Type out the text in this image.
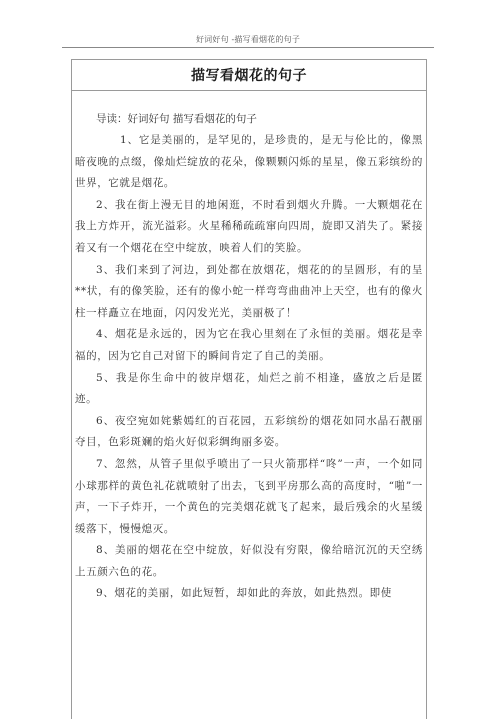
好词好句 -描写看烟花的句子
描写看烟花的句子

导读：好词好句 描写看烟花的句子

1、它是美丽的，是罕见的，是珍贵的，是无与伦比的，像黑暗夜晚的点缀，像灿烂绽放的花朵，像颗颗闪烁的星星，像五彩缤纷的世界，它就是烟花。

2、我在街上漫无目的地闲逛，不时看到烟火升腾。一大颗烟花在我上方炸开，流光溢彩。火星稀稀疏疏窜向四周，旋即又消失了。紧接着又有一个烟花在空中绽放，映着人们的笑脸。

3、我们来到了河边，到处都在放烟花，烟花的的呈圆形，有的呈**状，有的像笑脸，还有的像小蛇一样弯弯曲曲冲上天空，也有的像火柱一样矗立在地面，闪闪发光光，美丽极了！

4、烟花是永远的，因为它在我心里刻在了永恒的美丽。烟花是幸福的，因为它自己对留下的瞬间肯定了自己的美丽。

5、我是你生命中的彼岸烟花，灿烂之前不相逢，盛放之后是匿迹。

6、夜空宛如姹紫嫣红的百花园，五彩缤纷的烟花如同水晶石靓丽夺目，色彩斑斓的焰火好似彩绸绚丽多姿。

7、忽然，从管子里似乎喷出了一只火箭那样“咚”一声，一个如同小球那样的黄色礼花就喷射了出去，飞到平房那么高的高度时，“啪”一声，一下子炸开，一个黄色的完美烟花就飞了起来，最后残余的火星缓缓落下，慢慢熄灭。

8、美丽的烟花在空中绽放，好似没有穷限，像给暗沉沉的天空绣上五颜六色的花。

9、烟花的美丽，如此短暂，却如此的奔放，如此热烈。即使
